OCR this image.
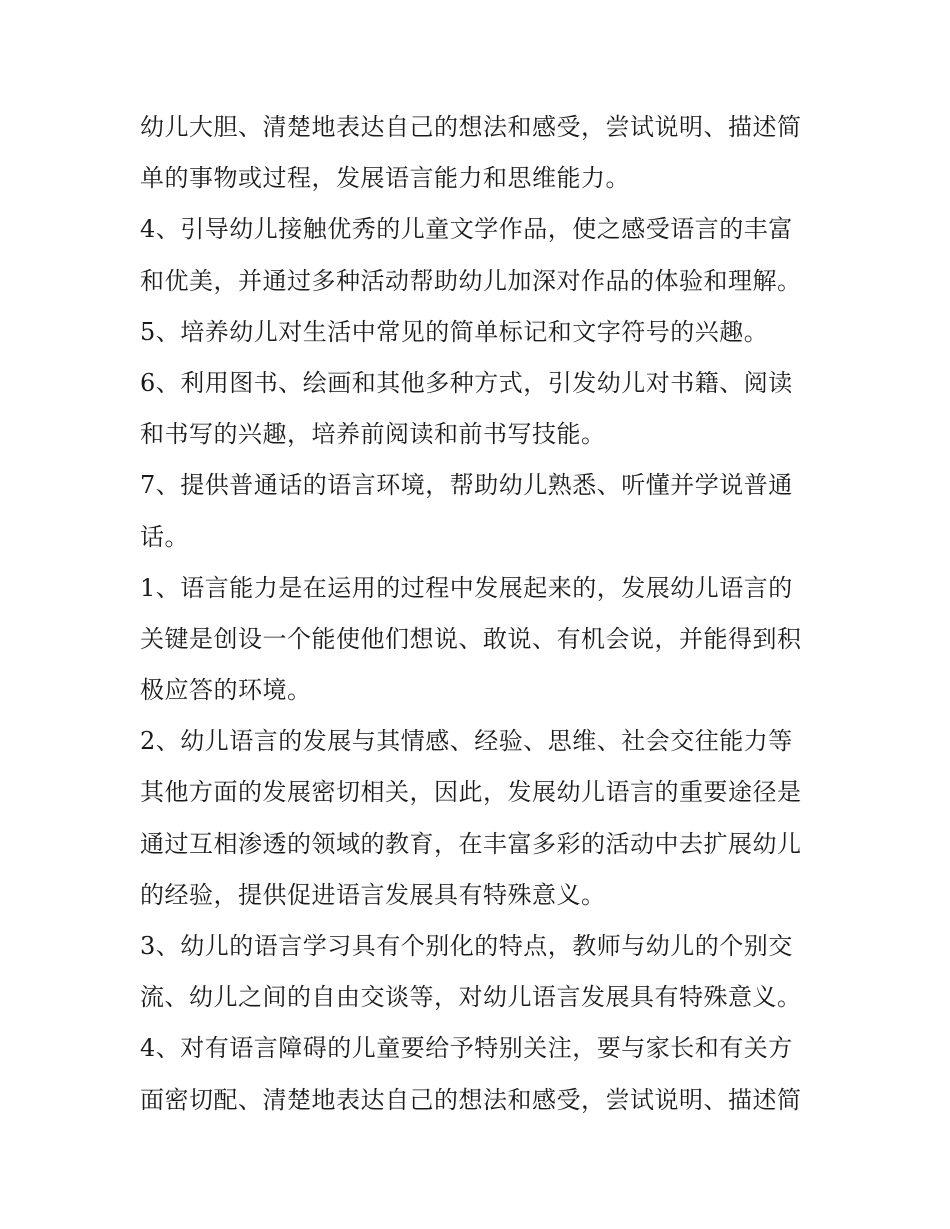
幼儿大胆、清楚地表达自己的想法和感受，尝试说明、描述简
单的事物或过程，发展语言能力和思维能力。
4、引导幼儿接触优秀的儿童文学作品，使之感受语言的丰富
和优美，并通过多种活动帮助幼儿加深对作品的体验和理解。
5、培养幼儿对生活中常见的简单标记和文字符号的兴趣。
6、利用图书、绘画和其他多种方式，引发幼儿对书籍、阅读
和书写的兴趣，培养前阅读和前书写技能。
7、提供普通话的语言环境，帮助幼儿熟悉、听懂并学说普通
话。
1、语言能力是在运用的过程中发展起来的，发展幼儿语言的
关键是创设一个能使他们想说、敢说、有机会说，并能得到积
极应答的环境。
2、幼儿语言的发展与其情感、经验、思维、社会交往能力等
其他方面的发展密切相关，因此，发展幼儿语言的重要途径是
通过互相渗透的领域的教育，在丰富多彩的活动中去扩展幼儿
的经验，提供促进语言发展具有特殊意义。
3、幼儿的语言学习具有个别化的特点，教师与幼儿的个别交
流、幼儿之间的自由交谈等，对幼儿语言发展具有特殊意义。
4、对有语言障碍的儿童要给予特别关注，要与家长和有关方
面密切配、清楚地表达自己的想法和感受，尝试说明、描述简
